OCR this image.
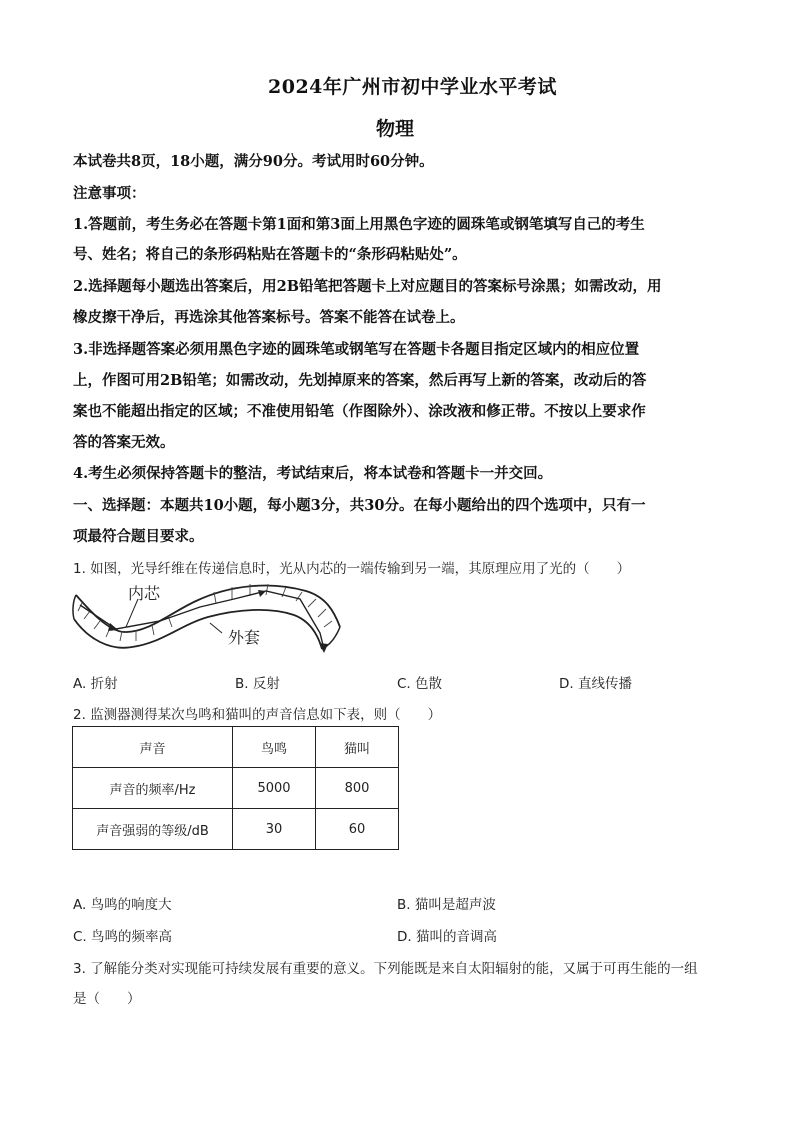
2024年广州市初中学业水平考试
物理
本试卷共8页，18小题，满分90分。考试用时60分钟。
注意事项：
1.答题前，考生务必在答题卡第1面和第3面上用黑色字迹的圆珠笔或钢笔填写自己的考生
号、姓名；将自己的条形码粘贴在答题卡的“条形码粘贴处”。
2.选择题每小题选出答案后，用2B铅笔把答题卡上对应题目的答案标号涂黑；如需改动，用
橡皮擦干净后，再选涂其他答案标号。答案不能答在试卷上。
3.非选择题答案必须用黑色字迹的圆珠笔或钢笔写在答题卡各题目指定区域内的相应位置
上，作图可用2B铅笔；如需改动，先划掉原来的答案，然后再写上新的答案，改动后的答
案也不能超出指定的区域；不准使用铅笔（作图除外）、涂改液和修正带。不按以上要求作
答的答案无效。
4.考生必须保持答题卡的整洁，考试结束后，将本试卷和答题卡一并交回。
一、选择题：本题共10小题，每小题3分，共30分。在每小题给出的四个选项中，只有一
项最符合题目要求。
1. 如图，光导纤维在传递信息时，光从内芯的一端传输到另一端，其原理应用了光的（　　）
内芯
外套
A. 折射	B. 反射	C. 色散	D. 直线传播
2. 监测器测得某次鸟鸣和猫叫的声音信息如下表，则（　　）
声音	鸟鸣	猫叫
声音的频率/Hz	5000	800
声音强弱的等级/dB	30	60
A. 鸟鸣的响度大	B. 猫叫是超声波
C. 鸟鸣的频率高	D. 猫叫的音调高
3. 了解能分类对实现能可持续发展有重要的意义。下列能既是来自太阳辐射的能，又属于可再生能的一组
是（　　）
